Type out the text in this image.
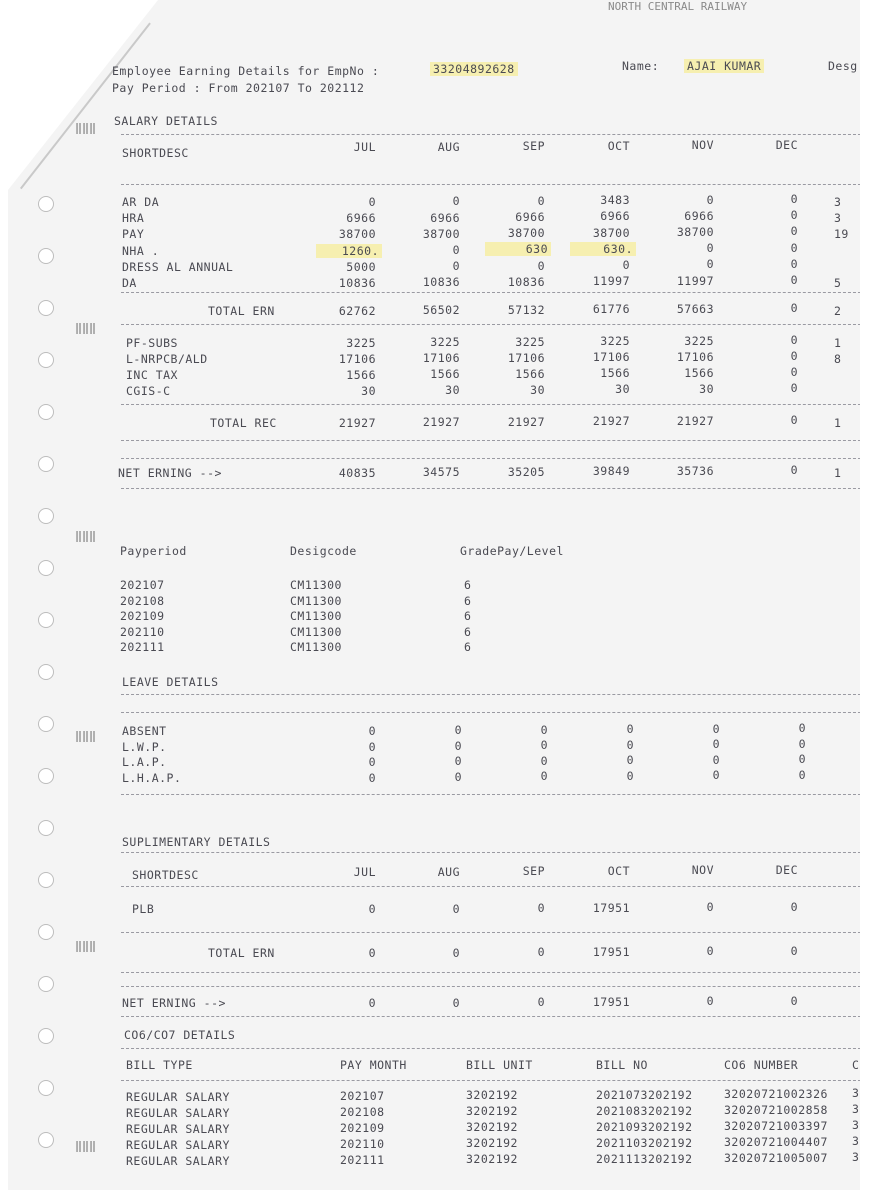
NORTH CENTRAL RAILWAY
Employee Earning Details for EmpNo :	33204892628	Name: AJAI KUMAR	Desg
Pay Period : From 202107 To 202112
ǁǁǁ
ǁǁǁ
ǁǁǁ
ǁǁǁ
ǁǁǁ
ǁǁǁ
SALARY DETAILS
SHORTDESC	JUL	AUG	SEP	OCT	NOV	DEC
AR DA	0	0	0	3483	0	0	3
HRA	6966	6966	6966	6966	6966	0	3
PAY	38700	38700	38700	38700	38700	0	19
NHA .	1260.	0	630	630.	0	0
DRESS AL ANNUAL	5000	0	0	0	0	0
DA	10836	10836	10836	11997	11997	0	5
TOTAL ERN	62762	56502	57132	61776	57663	0	2
PF-SUBS	3225	3225	3225	3225	3225	0	1
L-NRPCB/ALD	17106	17106	17106	17106	17106	0	8
INC TAX	1566	1566	1566	1566	1566	0
CGIS-C	30	30	30	30	30	0
TOTAL REC	21927	21927	21927	21927	21927	0	1
NET ERNING -->	40835	34575	35205	39849	35736	0	1
Payperiod	Desigcode	GradePay/Level
202107	CM11300	6
202108	CM11300	6
202109	CM11300	6
202110	CM11300	6
202111	CM11300	6
LEAVE DETAILS
ABSENT	0	0	0	0	0	0
L.W.P.	0	0	0	0	0	0
L.A.P.	0	0	0	0	0	0
L.H.A.P.	0	0	0	0	0	0
SUPLIMENTARY DETAILS
SHORTDESC	JUL	AUG	SEP	OCT	NOV	DEC
PLB	0	0	0	17951	0	0
TOTAL ERN	0	0	0	17951	0	0
NET ERNING -->	0	0	0	17951	0	0
CO6/CO7 DETAILS
BILL TYPE	PAY MONTH	BILL UNIT	BILL NO	CO6 NUMBER	C
REGULAR SALARY	202107	3202192	2021073202192	32020721002326 3
REGULAR SALARY	202108	3202192	2021083202192	32020721002858 3
REGULAR SALARY	202109	3202192	2021093202192	32020721003397 3
REGULAR SALARY	202110	3202192	2021103202192	32020721004407 3
REGULAR SALARY	202111	3202192	2021113202192	32020721005007 3
